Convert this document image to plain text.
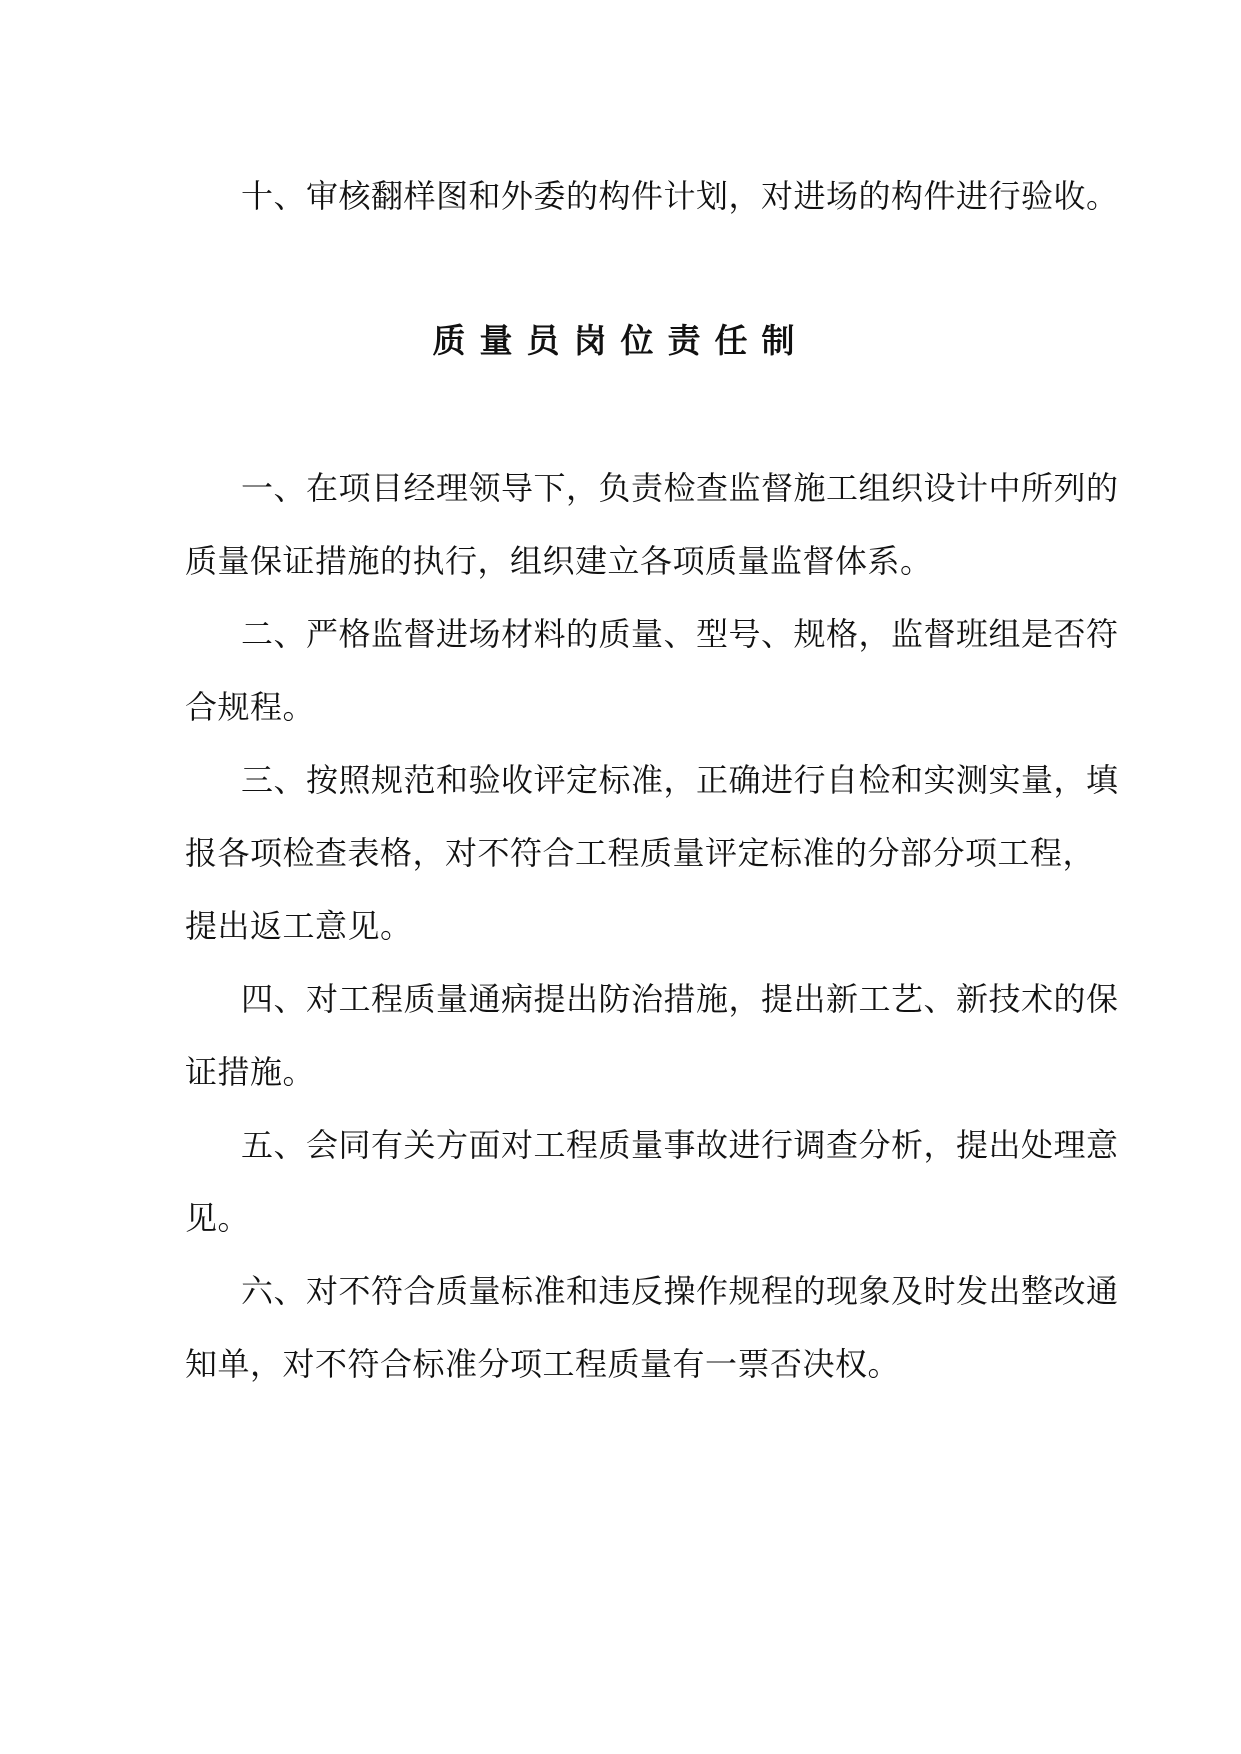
十、审核翻样图和外委的构件计划，对进场的构件进行验收。

质量员岗位责任制

一、在项目经理领导下，负责检查监督施工组织设计中所列的质量保证措施的执行，组织建立各项质量监督体系。

二、严格监督进场材料的质量、型号、规格，监督班组是否符合规程。

三、按照规范和验收评定标准，正确进行自检和实测实量，填报各项检查表格，对不符合工程质量评定标准的分部分项工程，提出返工意见。

四、对工程质量通病提出防治措施，提出新工艺、新技术的保证措施。

五、会同有关方面对工程质量事故进行调查分析，提出处理意见。

六、对不符合质量标准和违反操作规程的现象及时发出整改通知单，对不符合标准分项工程质量有一票否决权。
